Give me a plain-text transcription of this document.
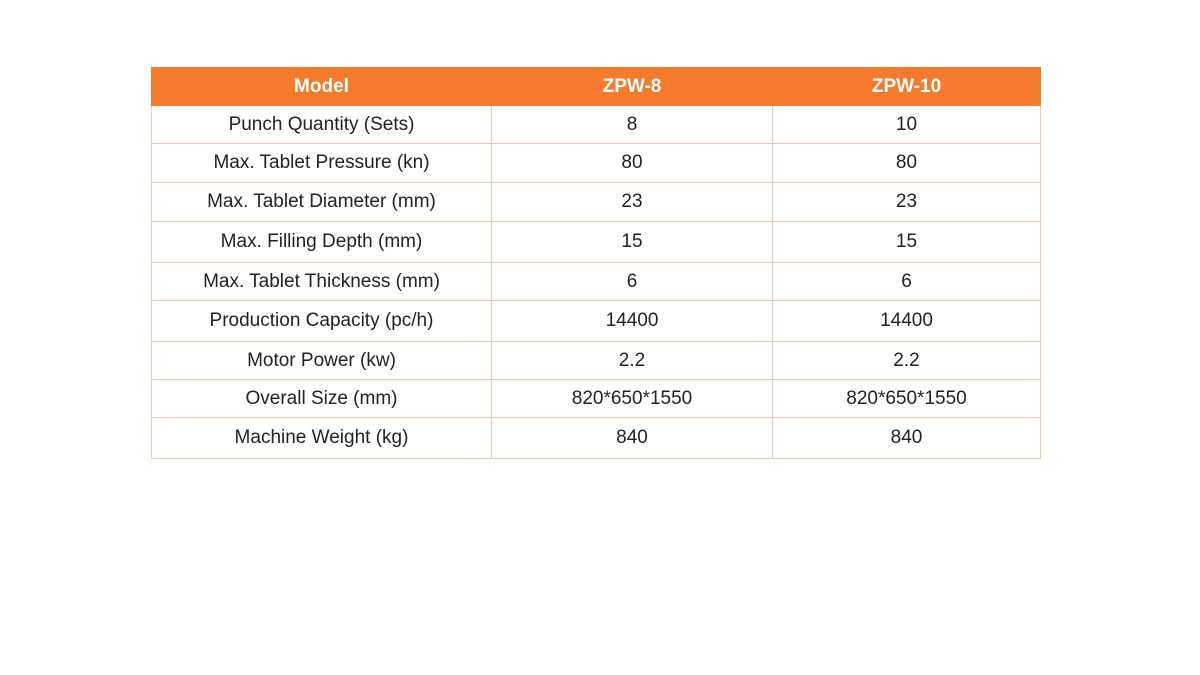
Model	ZPW-8	ZPW-10
Punch Quantity (Sets)	8	10
Max. Tablet Pressure (kn)	80	80
Max. Tablet Diameter (mm)	23	23
Max. Filling Depth (mm)	15	15
Max. Tablet Thickness (mm)	6	6
Production Capacity (pc/h)	14400	14400
Motor Power (kw)	2.2	2.2
Overall Size (mm)	820*650*1550	820*650*1550
Machine Weight (kg)	840	840
